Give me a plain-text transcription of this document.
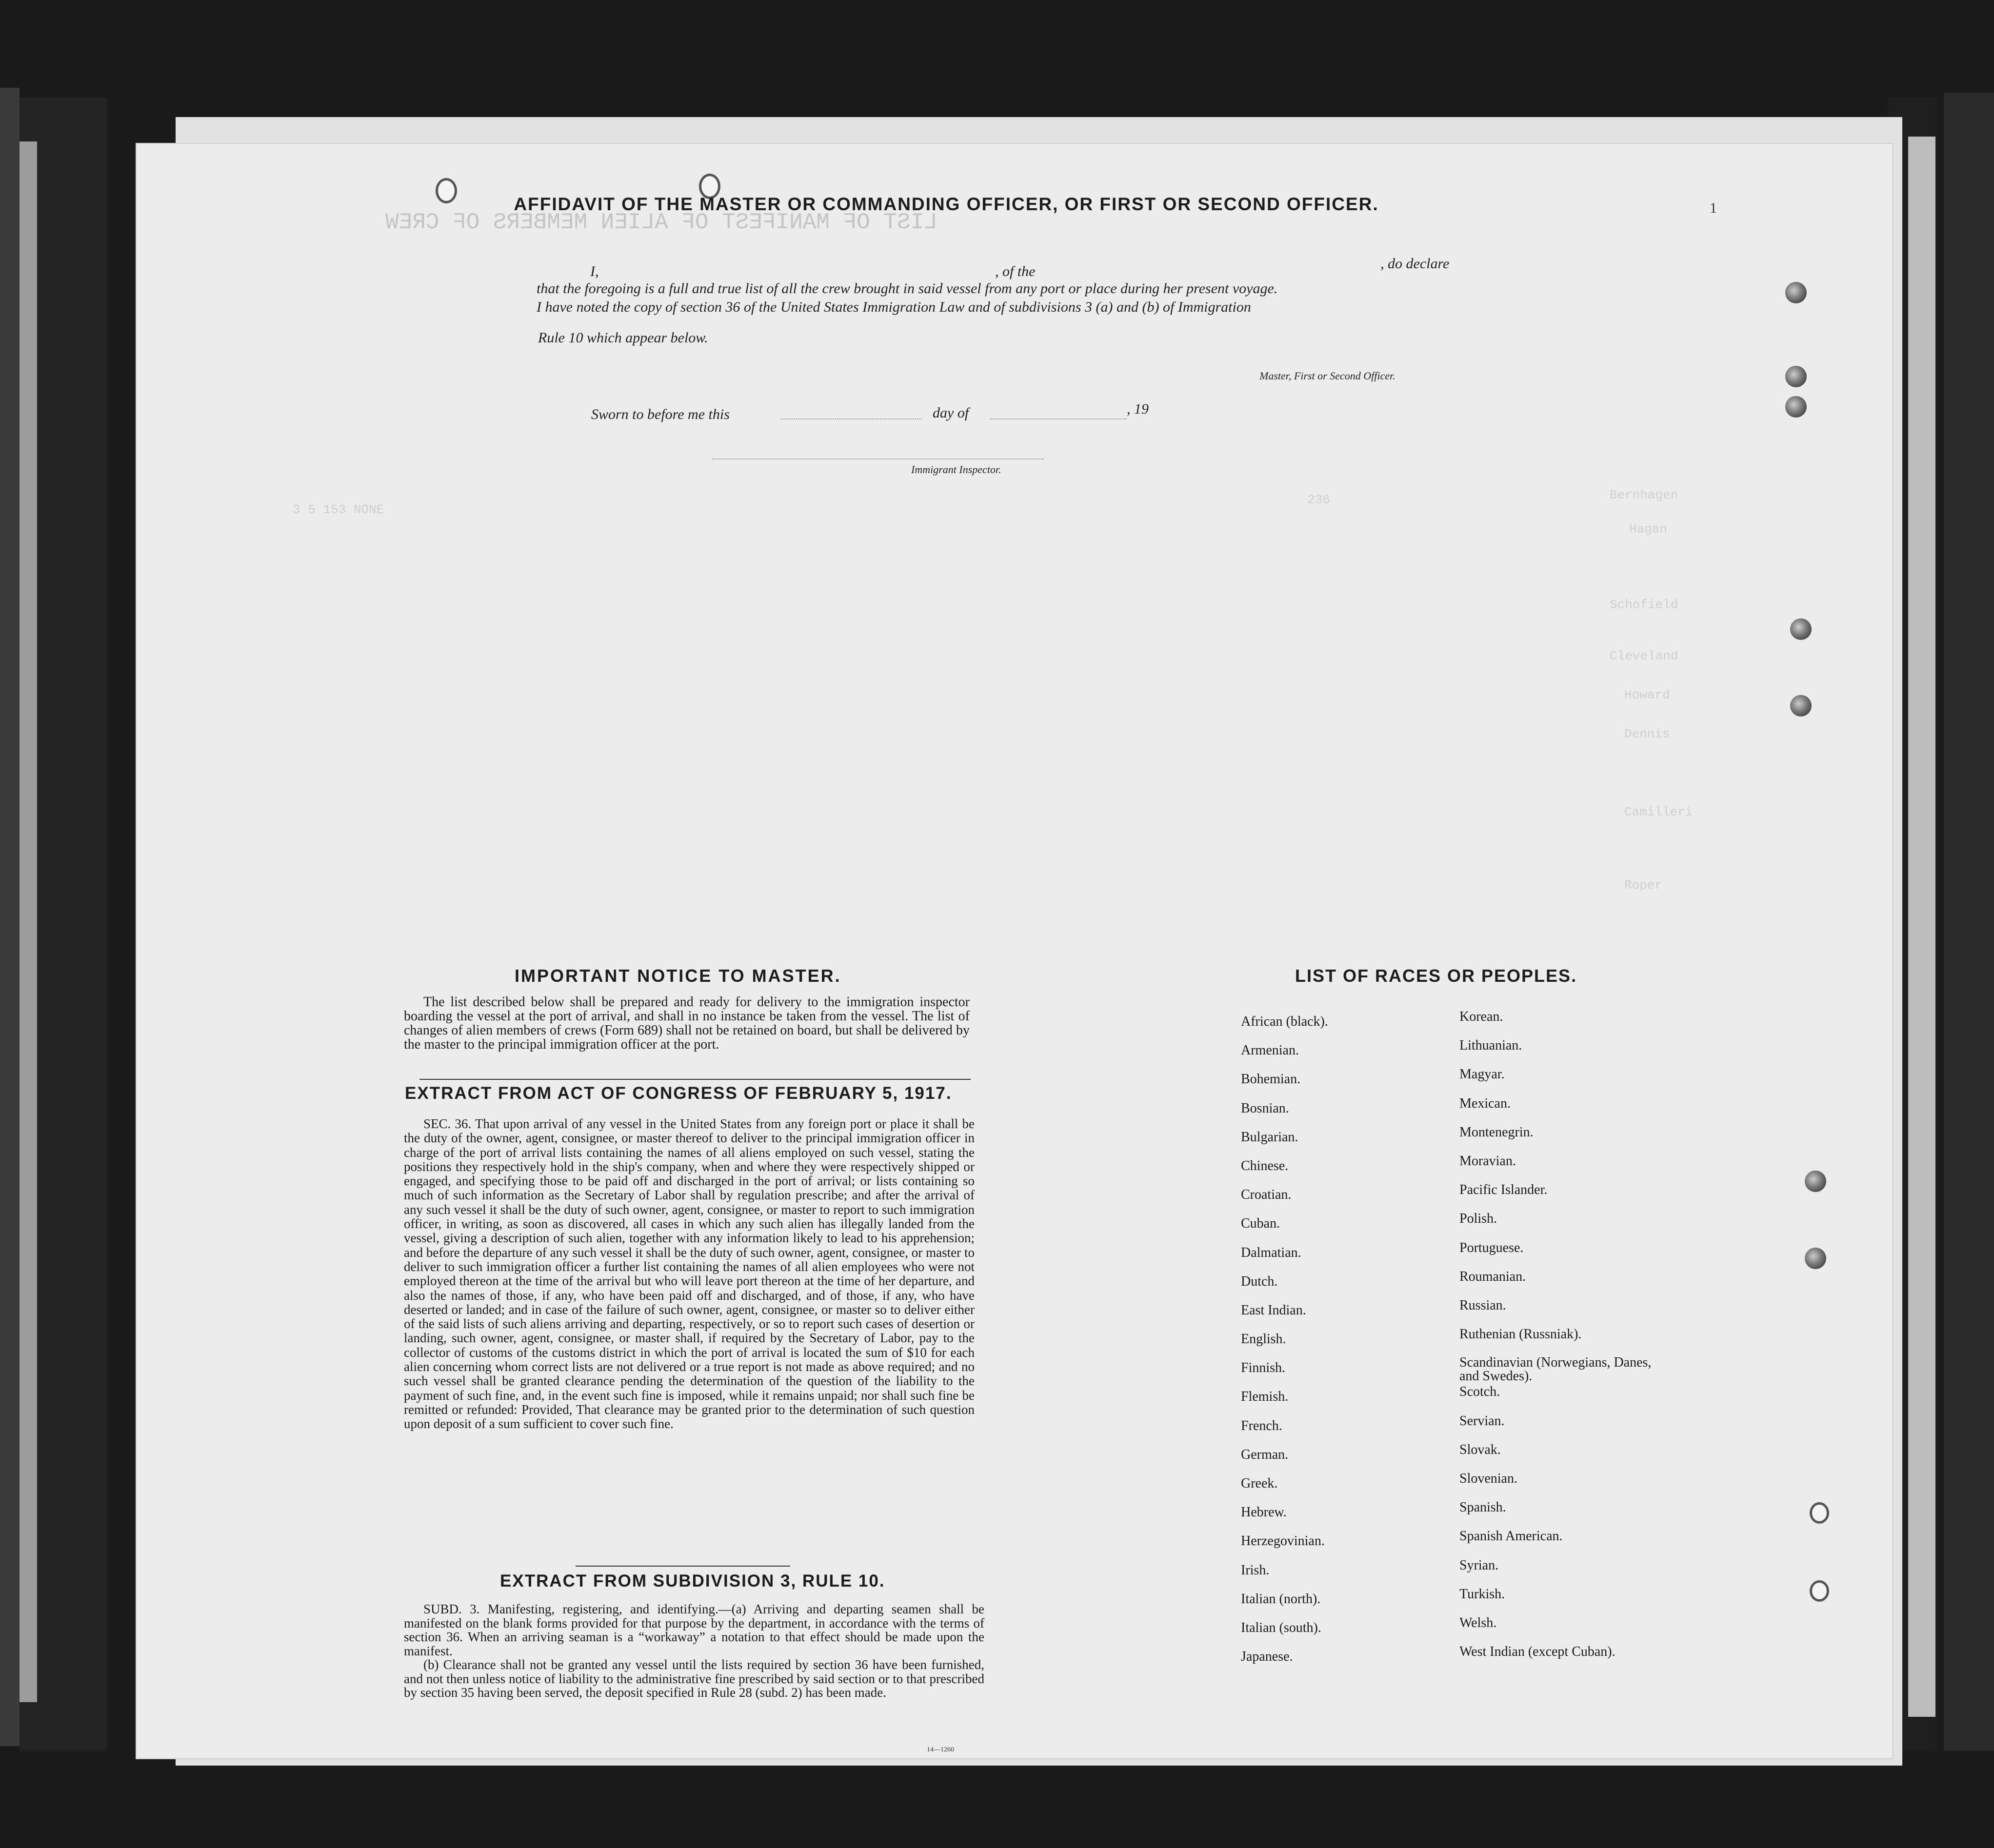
AFFIDAVIT OF THE MASTER OR COMMANDING OFFICER, OR FIRST OR SECOND OFFICER.	1
I,	, of the	, do declare
that the foregoing is a full and true list of all the crew brought in said vessel from any port or place during her present voyage.
I have noted the copy of section 36 of the United States Immigration Law and of subdivisions 3 (a) and (b) of Immigration
Rule 10 which appear below.
Master, First or Second Officer.
Sworn to before me this	day of	, 19
Immigrant Inspector.
LIST OF MANIFEST OF ALIEN MEMBERS OF CREW
3 5 153 NONE
236	Bernhagen
Hagan
Schofield
Cleveland
Howard
Dennis
Camilleri
Roper
IMPORTANT NOTICE TO MASTER.

The list described below shall be prepared and ready for delivery to the immigration inspector boarding the vessel at the port of arrival, and shall in no instance be taken from the vessel. The list of changes of alien members of crews (Form 689) shall not be retained on board, but shall be delivered by the master to the principal immigration officer at the port.

EXTRACT FROM ACT OF CONGRESS OF FEBRUARY 5, 1917.

SEC. 36. That upon arrival of any vessel in the United States from any foreign port or place it shall be the duty of the owner, agent, consignee, or master thereof to deliver to the principal immigration officer in charge of the port of arrival lists containing the names of all aliens employed on such vessel, stating the positions they respectively hold in the ship's company, when and where they were respectively shipped or engaged, and specifying those to be paid off and discharged in the port of arrival; or lists containing so much of such information as the Secretary of Labor shall by regulation prescribe; and after the arrival of any such vessel it shall be the duty of such owner, agent, consignee, or master to report to such immigration officer, in writing, as soon as discovered, all cases in which any such alien has illegally landed from the vessel, giving a description of such alien, together with any information likely to lead to his apprehension; and before the departure of any such vessel it shall be the duty of such owner, agent, consignee, or master to deliver to such immigration officer a further list containing the names of all alien employees who were not employed thereon at the time of the arrival but who will leave port thereon at the time of her departure, and also the names of those, if any, who have been paid off and discharged, and of those, if any, who have deserted or landed; and in case of the failure of such owner, agent, consignee, or master so to deliver either of the said lists of such aliens arriving and departing, respectively, or so to report such cases of desertion or landing, such owner, agent, consignee, or master shall, if required by the Secretary of Labor, pay to the collector of customs of the customs district in which the port of arrival is located the sum of $10 for each alien concerning whom correct lists are not delivered or a true report is not made as above required; and no such vessel shall be granted clearance pending the determination of the question of the liability to the payment of such fine, and, in the event such fine is imposed, while it remains unpaid; nor shall such fine be remitted or refunded: Provided, That clearance may be granted prior to the determination of such question upon deposit of a sum sufficient to cover such fine.

EXTRACT FROM SUBDIVISION 3, RULE 10.

SUBD. 3. Manifesting, registering, and identifying.—(a) Arriving and departing seamen shall be manifested on the blank forms provided for that purpose by the department, in accordance with the terms of section 36. When an arriving seaman is a “workaway” a notation to that effect should be made upon the manifest.

(b) Clearance shall not be granted any vessel until the lists required by section 36 have been furnished, and not then unless notice of liability to the administrative fine prescribed by said section or to that prescribed by section 35 having been served, the deposit specified in Rule 28 (subd. 2) has been made.

14—1260
LIST OF RACES OR PEOPLES.
African (black).
Armenian.
Bohemian.
Bosnian.
Bulgarian.
Chinese.
Croatian.
Cuban.
Dalmatian.
Dutch.
East Indian.
English.
Finnish.
Flemish.
French.
German.
Greek.
Hebrew.
Herzegovinian.
Irish.
Italian (north).
Italian (south).
Japanese.
Korean.
Lithuanian.
Magyar.
Mexican.
Montenegrin.
Moravian.
Pacific Islander.
Polish.
Portuguese.
Roumanian.
Russian.
Ruthenian (Russniak).
Scandinavian (Norwegians, Danes, and Swedes).
Scotch.
Servian.
Slovak.
Slovenian.
Spanish.
Spanish American.
Syrian.
Turkish.
Welsh.
West Indian (except Cuban).
